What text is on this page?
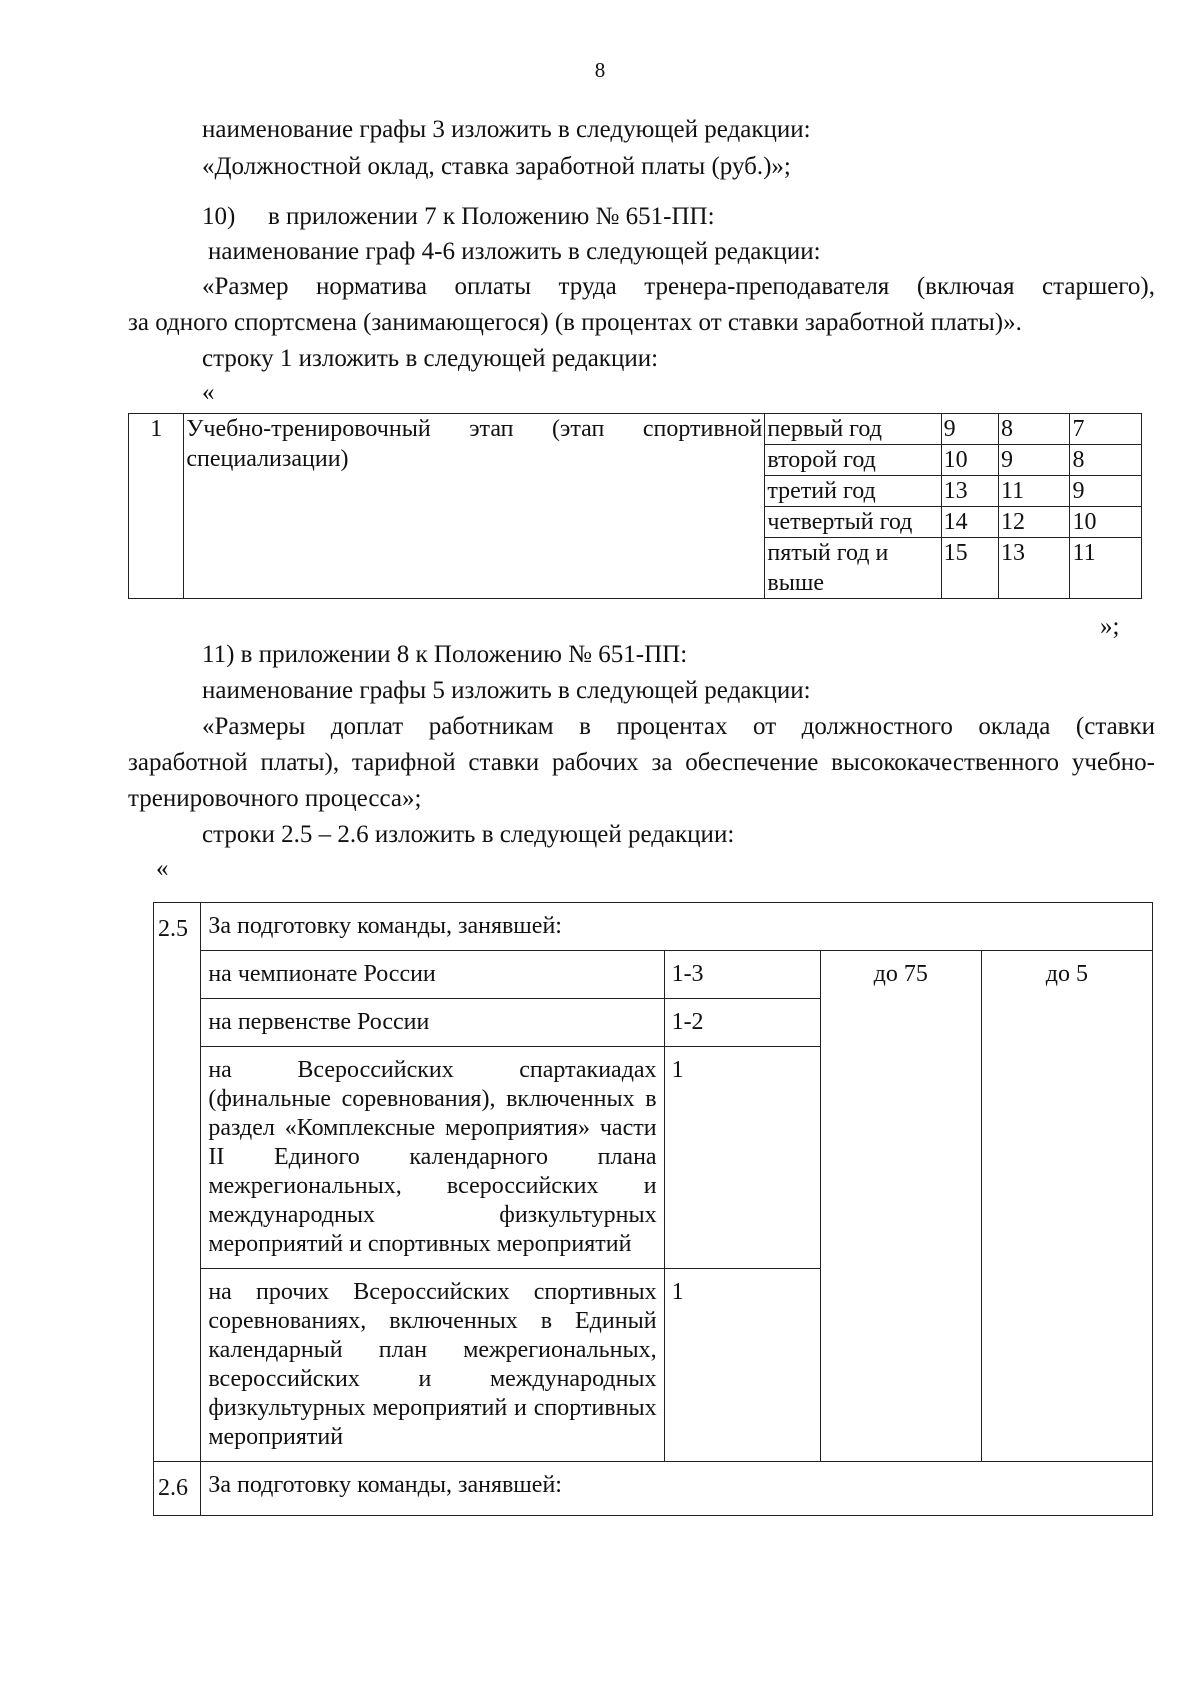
8
наименование графы 3 изложить в следующей редакции:
«Должностной оклад, ставка заработной платы (руб.)»;
10) в приложении 7 к Положению № 651-ПП:
наименование граф 4-6 изложить в следующей редакции:
«Размер норматива оплаты труда тренера-преподавателя (включая старшего),
за одного спортсмена (занимающегося) (в процентах от ставки заработной платы)».
строку 1 изложить в следующей редакции:
«
1	Учебно-тренировочный этап (этап спортивной специализации)	первый год	9	8	7
		второй год	10	9	8
		третий год	13	11	9
		четвертый год	14	12	10
		пятый год и выше	15	13	11
»;
11) в приложении 8 к Положению № 651-ПП:
наименование графы 5 изложить в следующей редакции:
«Размеры доплат работникам в процентах от должностного оклада (ставки
заработной платы), тарифной ставки рабочих за обеспечение высококачественного учебно-
тренировочного процесса»;
строки 2.5 – 2.6 изложить в следующей редакции:
«
2.5	За подготовку команды, занявшей:			
	на чемпионате России	1-3	до 75	до 5
	на первенстве России	1-2		
	на Всероссийских спартакиадах (финальные соревнования), включенных в раздел «Комплексные мероприятия» части II Единого календарного плана межрегиональных, всероссийских и международных физкультурных мероприятий и спортивных мероприятий	1		
	на прочих Всероссийских спортивных соревнованиях, включенных в Единый календарный план межрегиональных, всероссийских и международных физкультурных мероприятий и спортивных мероприятий	1		
2.6	За подготовку команды, занявшей:			
